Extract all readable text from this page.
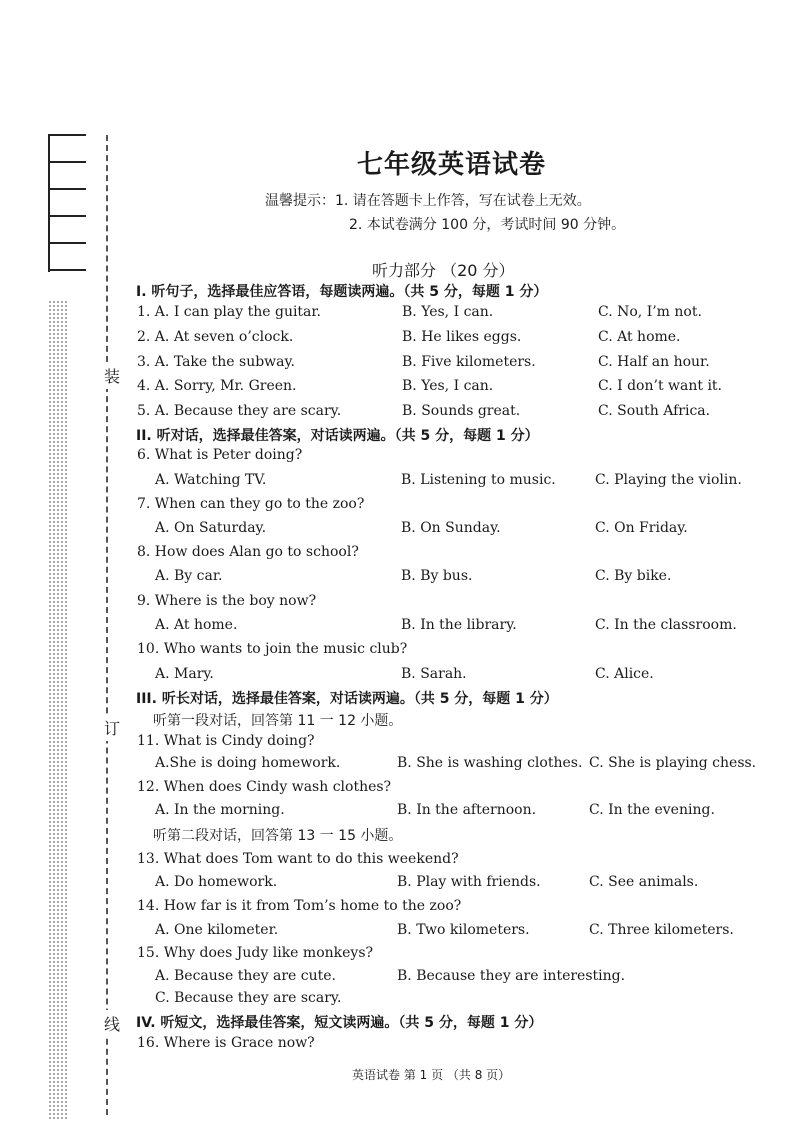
装
订
线
七年级英语试卷
温馨提示：1. 请在答题卡上作答，写在试卷上无效。
2. 本试卷满分 100 分，考试时间 90 分钟。
听力部分 （20 分）
I. 听句子，选择最佳应答语，每题读两遍。（共 5 分，每题 1 分）
1. A. I can play the guitar.	B. Yes, I can.	C. No, I’m not.
2. A. At seven o’clock.	B. He likes eggs.	C. At home.
3. A. Take the subway.	B. Five kilometers.	C. Half an hour.
4. A. Sorry, Mr. Green.	B. Yes, I can.	C. I don’t want it.
5. A. Because they are scary.	B. Sounds great.	C. South Africa.
II. 听对话，选择最佳答案，对话读两遍。（共 5 分，每题 1 分）
6. What is Peter doing?
A. Watching TV.	B. Listening to music.	C. Playing the violin.
7. When can they go to the zoo?
A. On Saturday.	B. On Sunday.	C. On Friday.
8. How does Alan go to school?
A. By car.	B. By bus.	C. By bike.
9. Where is the boy now?
A. At home.	B. In the library.	C. In the classroom.
10. Who wants to join the music club?
A. Mary.	B. Sarah.	C. Alice.
III. 听长对话，选择最佳答案，对话读两遍。（共 5 分，每题 1 分）
听第一段对话，回答第 11 一 12 小题。
11. What is Cindy doing?
A.She is doing homework.	B. She is washing clothes. C. She is playing chess.
12. When does Cindy wash clothes?
A. In the morning.	B. In the afternoon.	C. In the evening.
听第二段对话，回答第 13 一 15 小题。
13. What does Tom want to do this weekend?
A. Do homework.	B. Play with friends.	C. See animals.
14. How far is it from Tom’s home to the zoo?
A. One kilometer.	B. Two kilometers.	C. Three kilometers.
15. Why does Judy like monkeys?
A. Because they are cute.	B. Because they are interesting.
C. Because they are scary.
IV. 听短文，选择最佳答案，短文读两遍。（共 5 分，每题 1 分）
16. Where is Grace now?
英语试卷 第 1 页 （共 8 页）
